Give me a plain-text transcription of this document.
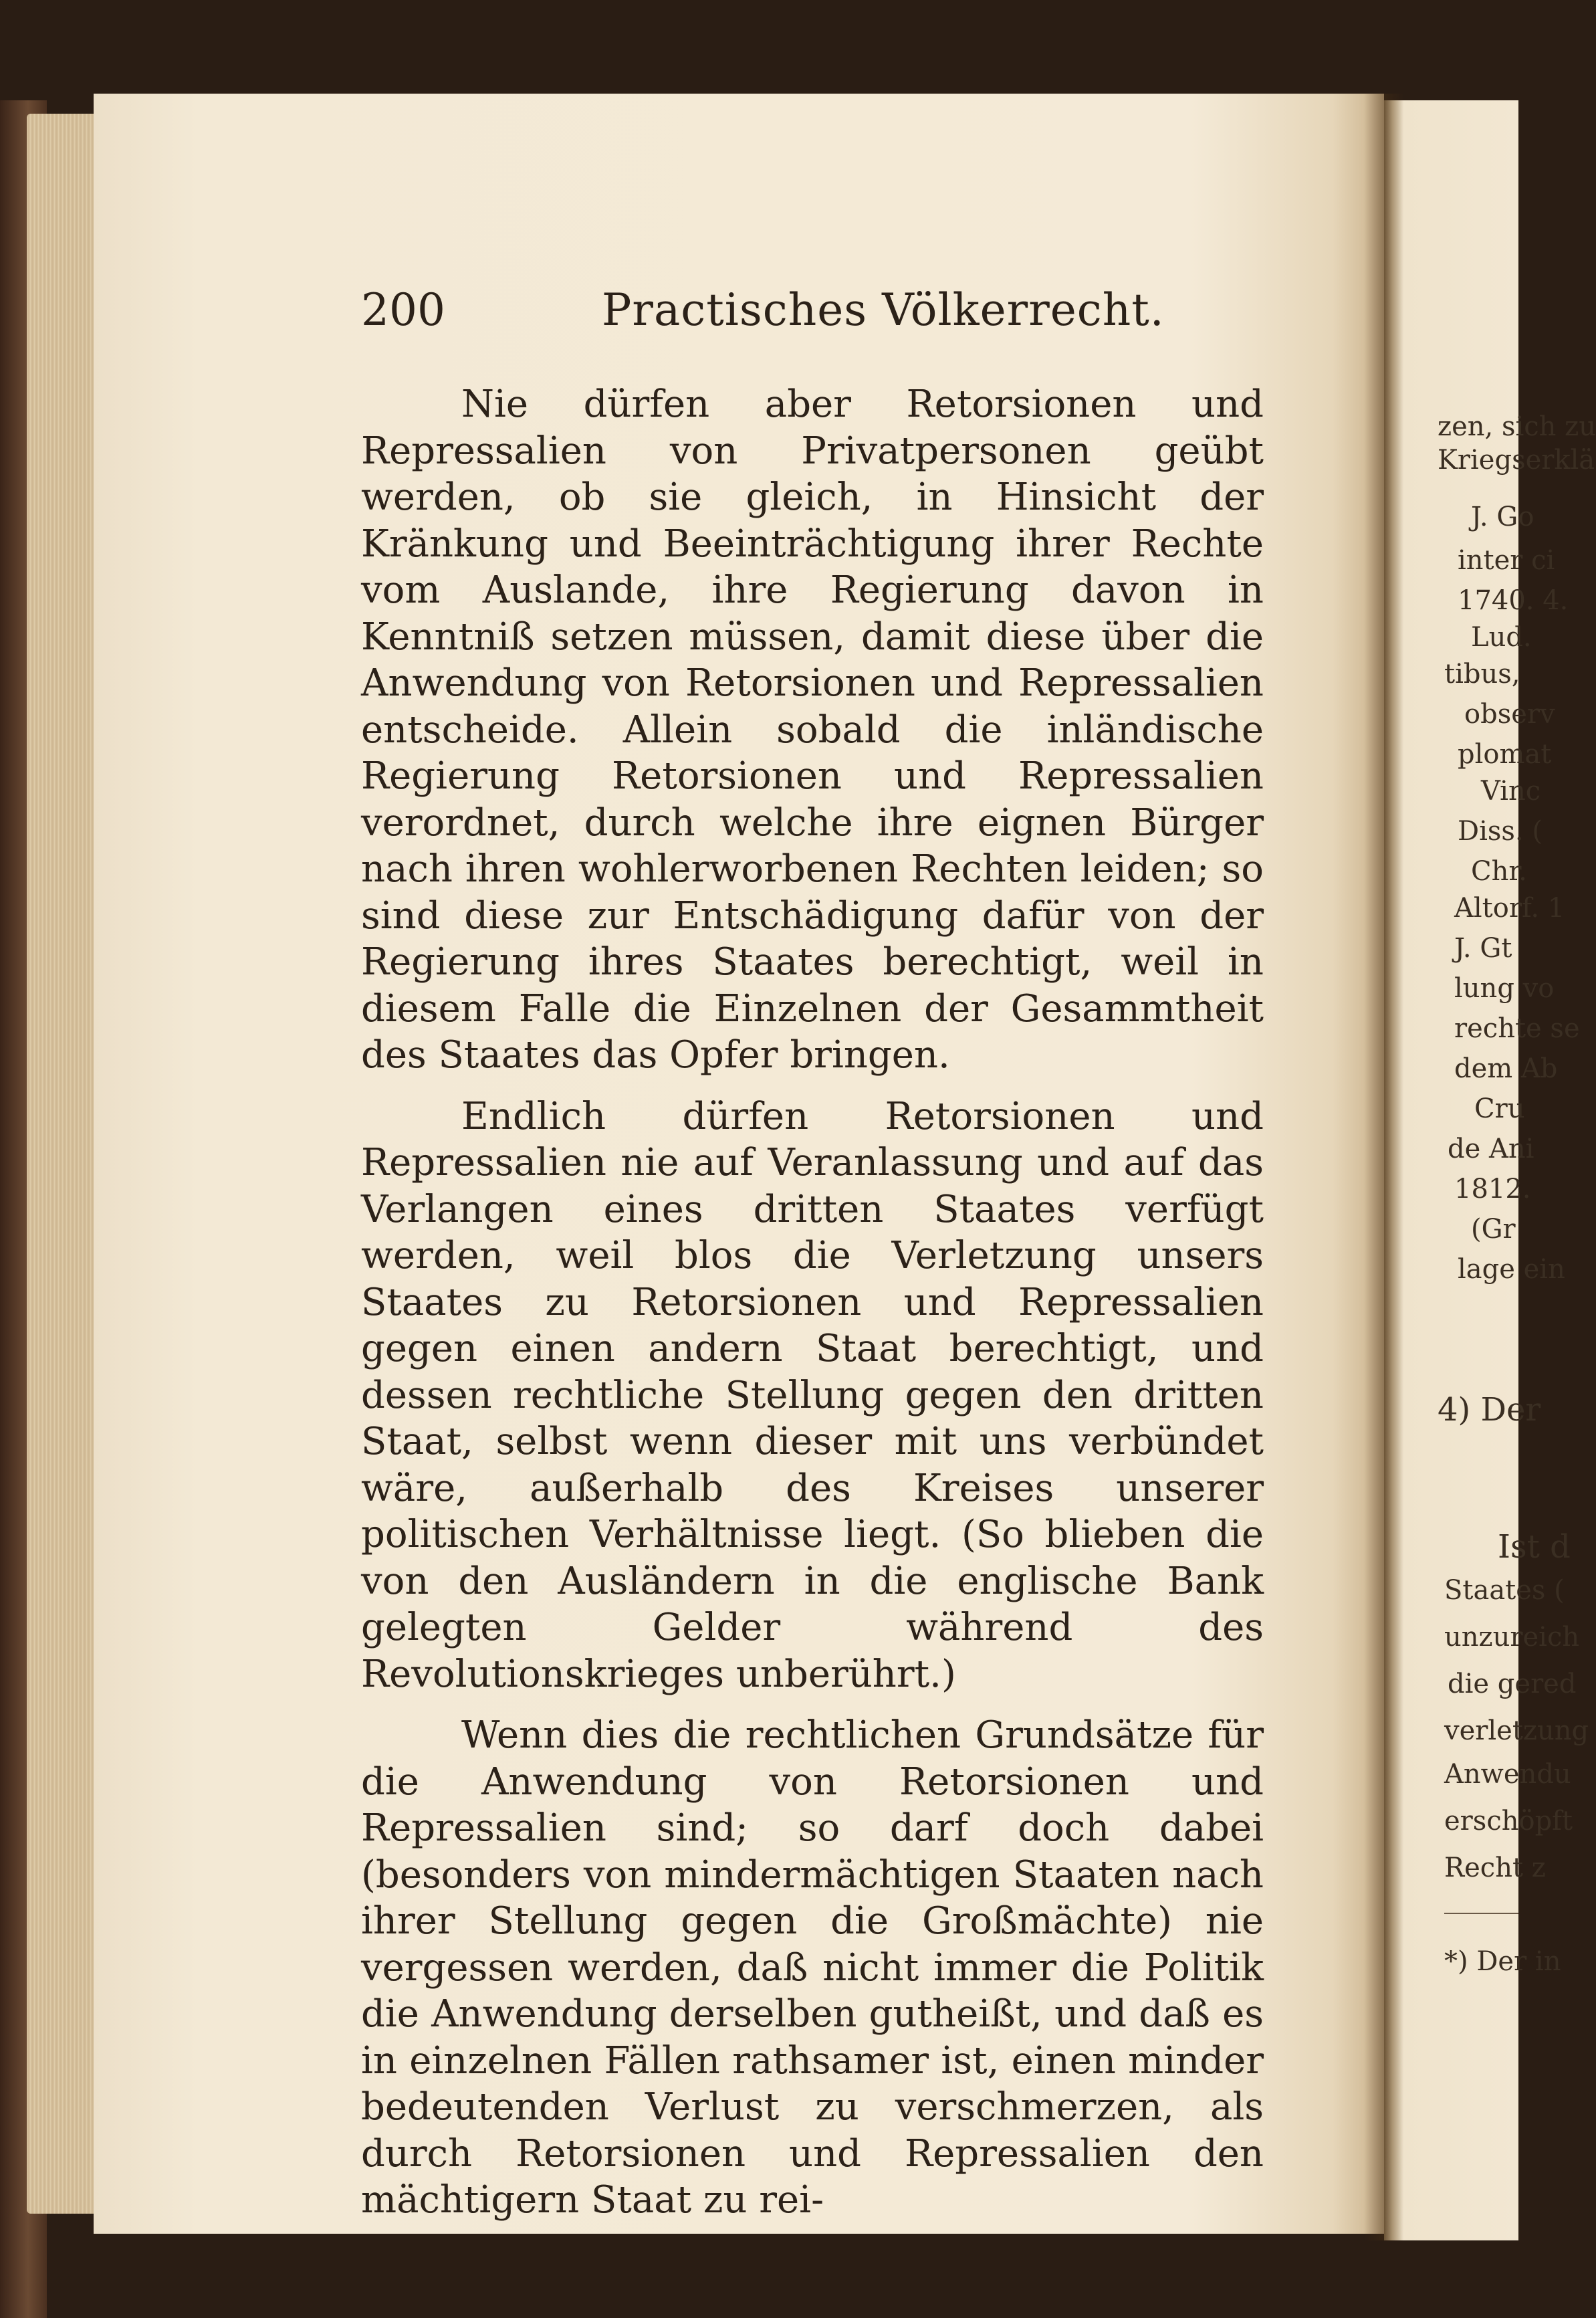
200	Practisches Völkerrecht.

Nie dürfen aber Retorsionen und Repressalien von Privatpersonen geübt werden, ob sie gleich, in Hinsicht der Kränkung und Beeinträchtigung ihrer Rechte vom Auslande, ihre Regierung davon in Kenntniß setzen müssen, damit diese über die Anwendung von Retorsionen und Repressalien entscheide. Allein sobald die inländische Regierung Retorsionen und Repressalien verordnet, durch welche ihre eignen Bürger nach ihren wohlerworbenen Rechten leiden; so sind diese zur Entschädigung dafür von der Regierung ihres Staates berechtigt, weil in diesem Falle die Einzelnen der Gesammtheit des Staates das Opfer bringen.

Endlich dürfen Retorsionen und Repressalien nie auf Veranlassung und auf das Verlangen eines dritten Staates verfügt werden, weil blos die Verletzung unsers Staates zu Retorsionen und Repressalien gegen einen andern Staat berechtigt, und dessen rechtliche Stellung gegen den dritten Staat, selbst wenn dieser mit uns verbündet wäre, außerhalb des Kreises unserer politischen Verhältnisse liegt. (So blieben die von den Ausländern in die englische Bank gelegten Gelder während des Revolutionskrieges unberührt.)

Wenn dies die rechtlichen Grundsätze für die Anwendung von Retorsionen und Repressalien sind; so darf doch dabei (besonders von mindermächtigen Staaten nach ihrer Stellung gegen die Großmächte) nie vergessen werden, daß nicht immer die Politik die Anwendung derselben gutheißt, und daß es in einzelnen Fällen rathsamer ist, einen minder bedeutenden Verlust zu verschmerzen, als durch Retorsionen und Repressalien den mächtigern Staat zu rei-

zen, sich zu
Kriegserklä
J. Go
inter ci
1740. 4.
Lud.
tibus,
observ
plomat
Vinc
Diss. (
Chr.
Altorf. 1
J. Gt
lung vo
rechte se
dem Ab
Cru
de Ani
1812.
(Gr
lage ein
4) Der
Ist d
Staates (
unzureich
die gered
verletzung
Anwendu
erschöpft
Recht z
*) Der in
